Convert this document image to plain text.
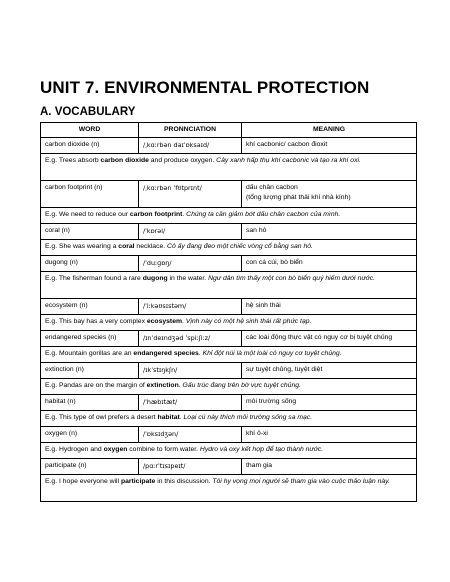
UNIT 7. ENVIRONMENTAL PROTECTION
A. VOCABULARY
WORD	PRONNCIATION	MEANING
carbon dioxide (n)	/ˌkɑːrbən daɪˈɒksaɪd/	khí cacbonic/ cacbon đioxit

E.g. Trees absorb carbon dioxide and produce oxygen. Cây xanh hấp thụ khí cacbonic và tạo ra khí oxi.		
carbon footprint (n)	/ˌkɑːrbən ˈfʊtprɪnt/	dấu chân cacbon
(tổng lượng phát thải khí nhà kính)

E.g. We need to reduce our carbon footprint. Chúng ta cần giảm bớt dấu chân cacbon của mình.		
coral (n)	/ˈkɒrəl/	san hô

E.g. She was wearing a coral necklace. Cô ấy đang đeo một chiếc vòng cổ bằng san hô.		
dugong (n)	/ˈduːɡɒŋ/	con cá cúi, bò biển

E.g. The fisherman found a rare dugong in the water. Ngư dân tìm thấy một con bò biển quý hiếm dưới nước.		
ecosystem (n)	/ˈiːkəʊsɪstəm/	hệ sinh thái

E.g. This bay has a very complex ecosystem. Vịnh này có một hệ sinh thái rất phức tạp.		
endangered species (n)	/ɪnˈdeɪndʒəd ˈspiːʃiːz/	các loài động thực vật có nguy cơ bị tuyệt chủng

E.g. Mountain gorillas are an endangered species. Khỉ đột núi là một loài có nguy cơ tuyệt chủng.		
extinction (n)	/ɪkˈstɪŋkʃn/	sự tuyệt chủng, tuyệt diệt

E.g. Pandas are on the margin of extinction. Gấu trúc đang trên bờ vực tuyệt chủng.		
habitat (n)	/ˈhæbɪtæt/	môi trường sống

E.g. This type of owl prefers a desert habitat. Loại cú này thích môi trường sống sa mạc.		
oxygen (n)	/ˈɒksɪdʒən/	khí ô-xi

E.g. Hydrogen and oxygen combine to form water. Hydro và oxy kết hợp để tạo thành nước.		
participate (n)	/pɑːrˈtɪsɪpeɪt/	tham gia

E.g. I hope everyone will participate in this discussion. Tôi hy vọng mọi người sẽ tham gia vào cuộc thảo luận này.		
